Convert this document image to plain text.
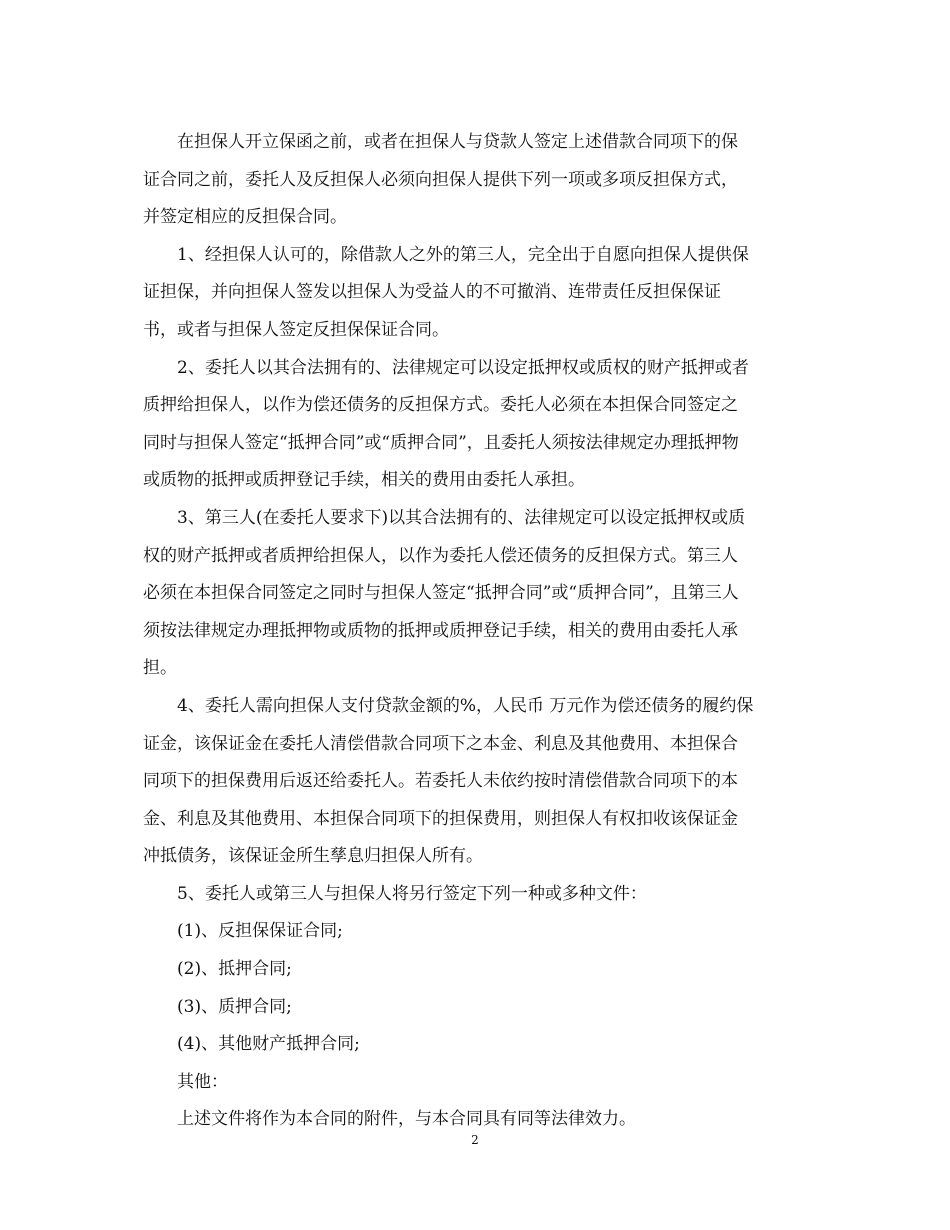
在担保人开立保函之前，或者在担保人与贷款人签定上述借款合同项下的保
证合同之前，委托人及反担保人必须向担保人提供下列一项或多项反担保方式，
并签定相应的反担保合同。
1、经担保人认可的，除借款人之外的第三人，完全出于自愿向担保人提供保
证担保，并向担保人签发以担保人为受益人的不可撤消、连带责任反担保保证
书，或者与担保人签定反担保保证合同。
2、委托人以其合法拥有的、法律规定可以设定抵押权或质权的财产抵押或者
质押给担保人，以作为偿还债务的反担保方式。委托人必须在本担保合同签定之
同时与担保人签定“抵押合同”或“质押合同”，且委托人须按法律规定办理抵押物
或质物的抵押或质押登记手续，相关的费用由委托人承担。
3、第三人(在委托人要求下)以其合法拥有的、法律规定可以设定抵押权或质
权的财产抵押或者质押给担保人，以作为委托人偿还债务的反担保方式。第三人
必须在本担保合同签定之同时与担保人签定“抵押合同”或“质押合同”，且第三人
须按法律规定办理抵押物或质物的抵押或质押登记手续，相关的费用由委托人承
担。
4、委托人需向担保人支付贷款金额的%，人民币 万元作为偿还债务的履约保
证金，该保证金在委托人清偿借款合同项下之本金、利息及其他费用、本担保合
同项下的担保费用后返还给委托人。若委托人未依约按时清偿借款合同项下的本
金、利息及其他费用、本担保合同项下的担保费用，则担保人有权扣收该保证金
冲抵债务，该保证金所生孳息归担保人所有。
5、委托人或第三人与担保人将另行签定下列一种或多种文件：
(1)、反担保保证合同;
(2)、抵押合同;
(3)、质押合同;
(4)、其他财产抵押合同;
其他：
上述文件将作为本合同的附件，与本合同具有同等法律效力。
2
